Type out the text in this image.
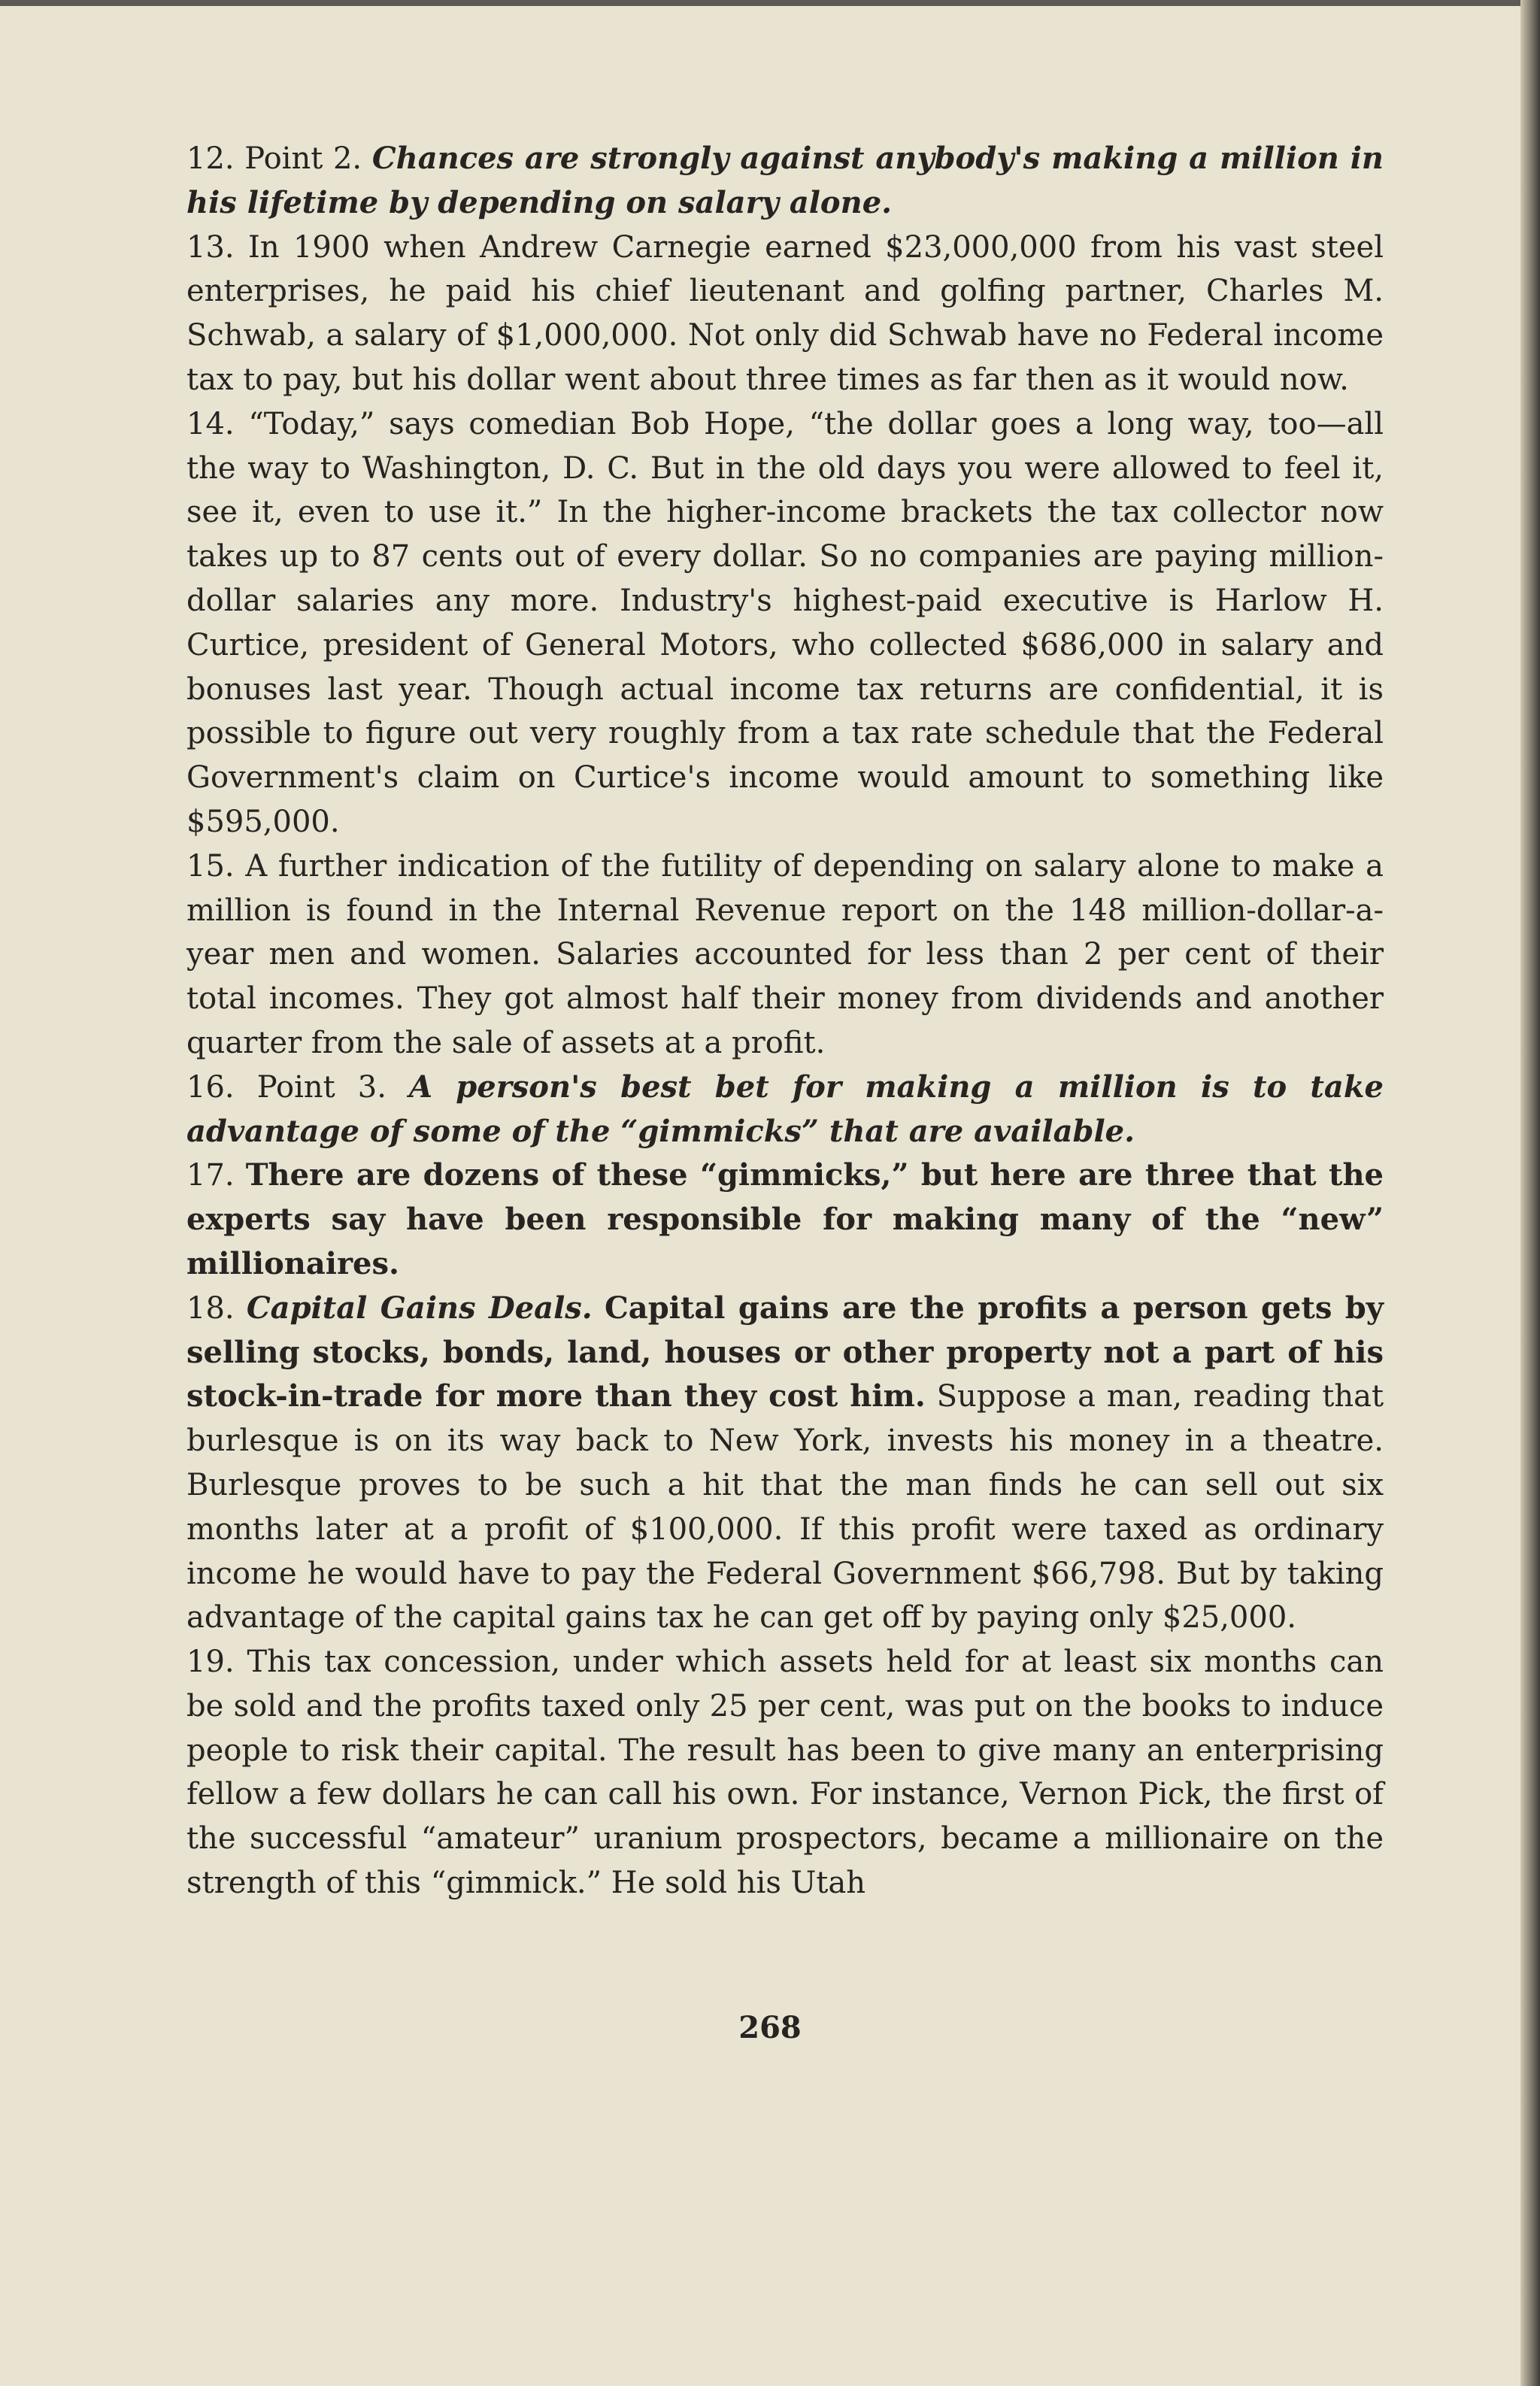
12. Point 2. Chances are strongly against anybody's making a million in his lifetime by depending on salary alone.

13. In 1900 when Andrew Carnegie earned $23,000,000 from his vast steel enterprises, he paid his chief lieutenant and golfing partner, Charles M. Schwab, a salary of $1,000,000. Not only did Schwab have no Federal income tax to pay, but his dollar went about three times as far then as it would now.

14. “Today,” says comedian Bob Hope, “the dollar goes a long way, too—all the way to Washington, D. C. But in the old days you were allowed to feel it, see it, even to use it.” In the higher-income brackets the tax collector now takes up to 87 cents out of every dollar. So no companies are paying million-dollar salaries any more. Industry's highest-paid executive is Harlow H. Curtice, president of General Motors, who collected $686,000 in salary and bonuses last year. Though actual income tax returns are confidential, it is possible to figure out very roughly from a tax rate schedule that the Federal Government's claim on Curtice's income would amount to something like $595,000.

15. A further indication of the futility of depending on salary alone to make a million is found in the Internal Revenue report on the 148 million-dollar-a-year men and women. Salaries accounted for less than 2 per cent of their total incomes. They got almost half their money from dividends and another quarter from the sale of assets at a profit.

16. Point 3. A person's best bet for making a million is to take advantage of some of the “gimmicks” that are available.

17. There are dozens of these “gimmicks,” but here are three that the experts say have been responsible for making many of the “new” millionaires.

18. Capital Gains Deals. Capital gains are the profits a person gets by selling stocks, bonds, land, houses or other property not a part of his stock-in-trade for more than they cost him. Suppose a man, reading that burlesque is on its way back to New York, invests his money in a theatre. Burlesque proves to be such a hit that the man finds he can sell out six months later at a profit of $100,000. If this profit were taxed as ordinary income he would have to pay the Federal Government $66,798. But by taking advantage of the capital gains tax he can get off by paying only $25,000.

19. This tax concession, under which assets held for at least six months can be sold and the profits taxed only 25 per cent, was put on the books to induce people to risk their capital. The result has been to give many an enterprising fellow a few dollars he can call his own. For instance, Vernon Pick, the first of the successful “amateur” uranium prospectors, became a millionaire on the strength of this “gimmick.” He sold his Utah

268
